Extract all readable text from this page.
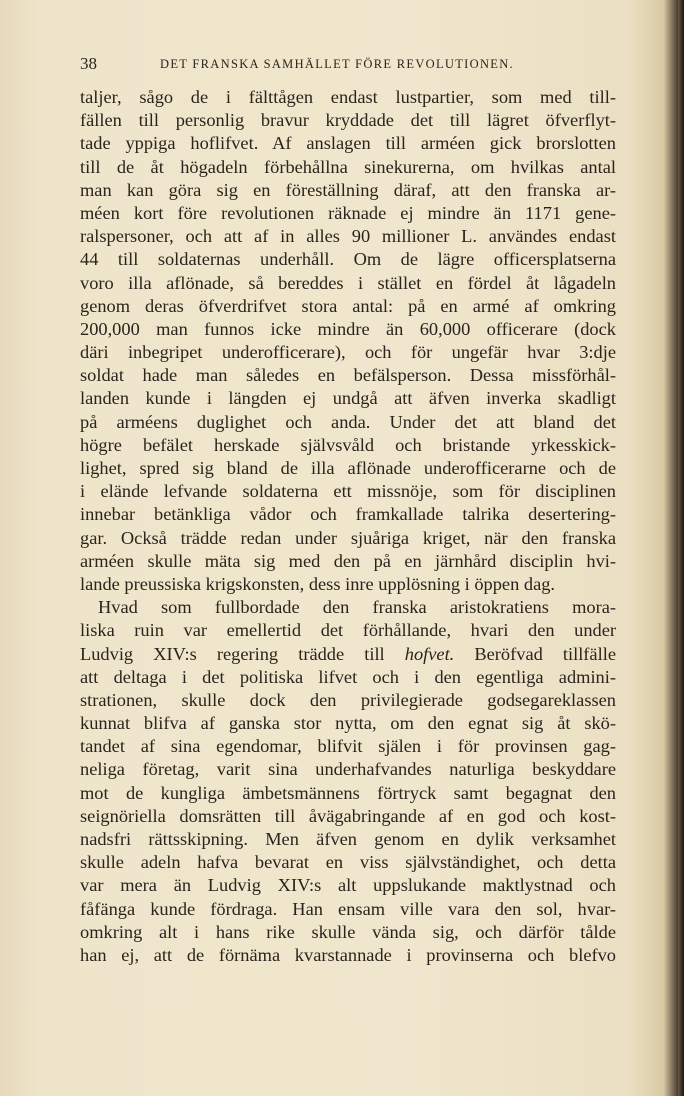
38	DET FRANSKA SAMHÄLLET FÖRE REVOLUTIONEN.
taljer, sågo de i fälttågen endast lustpartier, som med till-
fällen till personlig bravur kryddade det till lägret öfverflyt-
tade yppiga hoflifvet. Af anslagen till arméen gick brorslotten
till de åt högadeln förbehållna sinekurerna, om hvilkas antal
man kan göra sig en föreställning däraf, att den franska ar-
méen kort före revolutionen räknade ej mindre än 1171 gene-
ralspersoner, och att af in alles 90 millioner L. användes endast
44 till soldaternas underhåll. Om de lägre officersplatserna
voro illa aflönade, så bereddes i stället en fördel åt lågadeln
genom deras öfverdrifvet stora antal: på en armé af omkring
200,000 man funnos icke mindre än 60,000 officerare (dock
däri inbegripet underofficerare), och för ungefär hvar 3:dje
soldat hade man således en befälsperson. Dessa missförhål-
landen kunde i längden ej undgå att äfven inverka skadligt
på arméens duglighet och anda. Under det att bland det
högre befälet herskade självsvåld och bristande yrkesskick-
lighet, spred sig bland de illa aflönade underofficerarne och de
i elände lefvande soldaterna ett missnöje, som för disciplinen
innebar betänkliga vådor och framkallade talrika desertering-
gar. Också trädde redan under sjuåriga kriget, när den franska
arméen skulle mäta sig med den på en järnhård disciplin hvi-
lande preussiska krigskonsten, dess inre upplösning i öppen dag.
Hvad som fullbordade den franska aristokratiens mora-
liska ruin var emellertid det förhållande, hvari den under
Ludvig XIV:s regering trädde till hofvet. Beröfvad tillfälle
att deltaga i det politiska lifvet och i den egentliga admini-
strationen, skulle dock den privilegierade godsegareklassen
kunnat blifva af ganska stor nytta, om den egnat sig åt skö-
tandet af sina egendomar, blifvit själen i för provinsen gag-
neliga företag, varit sina underhafvandes naturliga beskyddare
mot de kungliga ämbetsmännens förtryck samt begagnat den
seignöriella domsrätten till åvägabringande af en god och kost-
nadsfri rättsskipning. Men äfven genom en dylik verksamhet
skulle adeln hafva bevarat en viss självständighet, och detta
var mera än Ludvig XIV:s alt uppslukande maktlystnad och
fåfänga kunde fördraga. Han ensam ville vara den sol, hvar-
omkring alt i hans rike skulle vända sig, och därför tålde
han ej, att de förnäma kvarstannade i provinserna och blefvo
